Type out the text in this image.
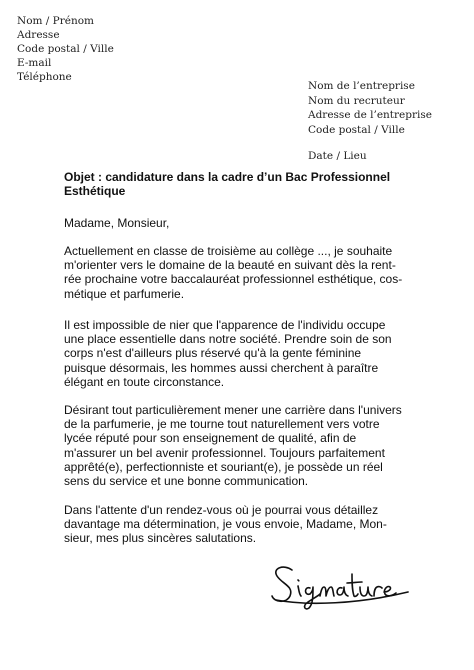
Nom / Prénom
Adresse
Code postal / Ville
E-mail
Téléphone
Nom de l’entreprise
Nom du recruteur
Adresse de l’entreprise
Code postal / Ville
Date / Lieu
Objet : candidature dans la cadre d’un Bac Professionnel
Esthétique
Madame, Monsieur,
Actuellement en classe de troisième au collège ..., je souhaite
m'orienter vers le domaine de la beauté en suivant dès la rent-
rée prochaine votre baccalauréat professionnel esthétique, cos-
métique et parfumerie.
Il est impossible de nier que l'apparence de l'individu occupe
une place essentielle dans notre société. Prendre soin de son
corps n'est d'ailleurs plus réservé qu'à la gente féminine
puisque désormais, les hommes aussi cherchent à paraître
élégant en toute circonstance.
Désirant tout particulièrement mener une carrière dans l'univers
de la parfumerie, je me tourne tout naturellement vers votre
lycée réputé pour son enseignement de qualité, afin de
m'assurer un bel avenir professionnel. Toujours parfaitement
apprêté(e), perfectionniste et souriant(e), je possède un réel
sens du service et une bonne communication.
Dans l'attente d'un rendez-vous où je pourrai vous détaillez
davantage ma détermination, je vous envoie, Madame, Mon-
sieur, mes plus sincères salutations.
